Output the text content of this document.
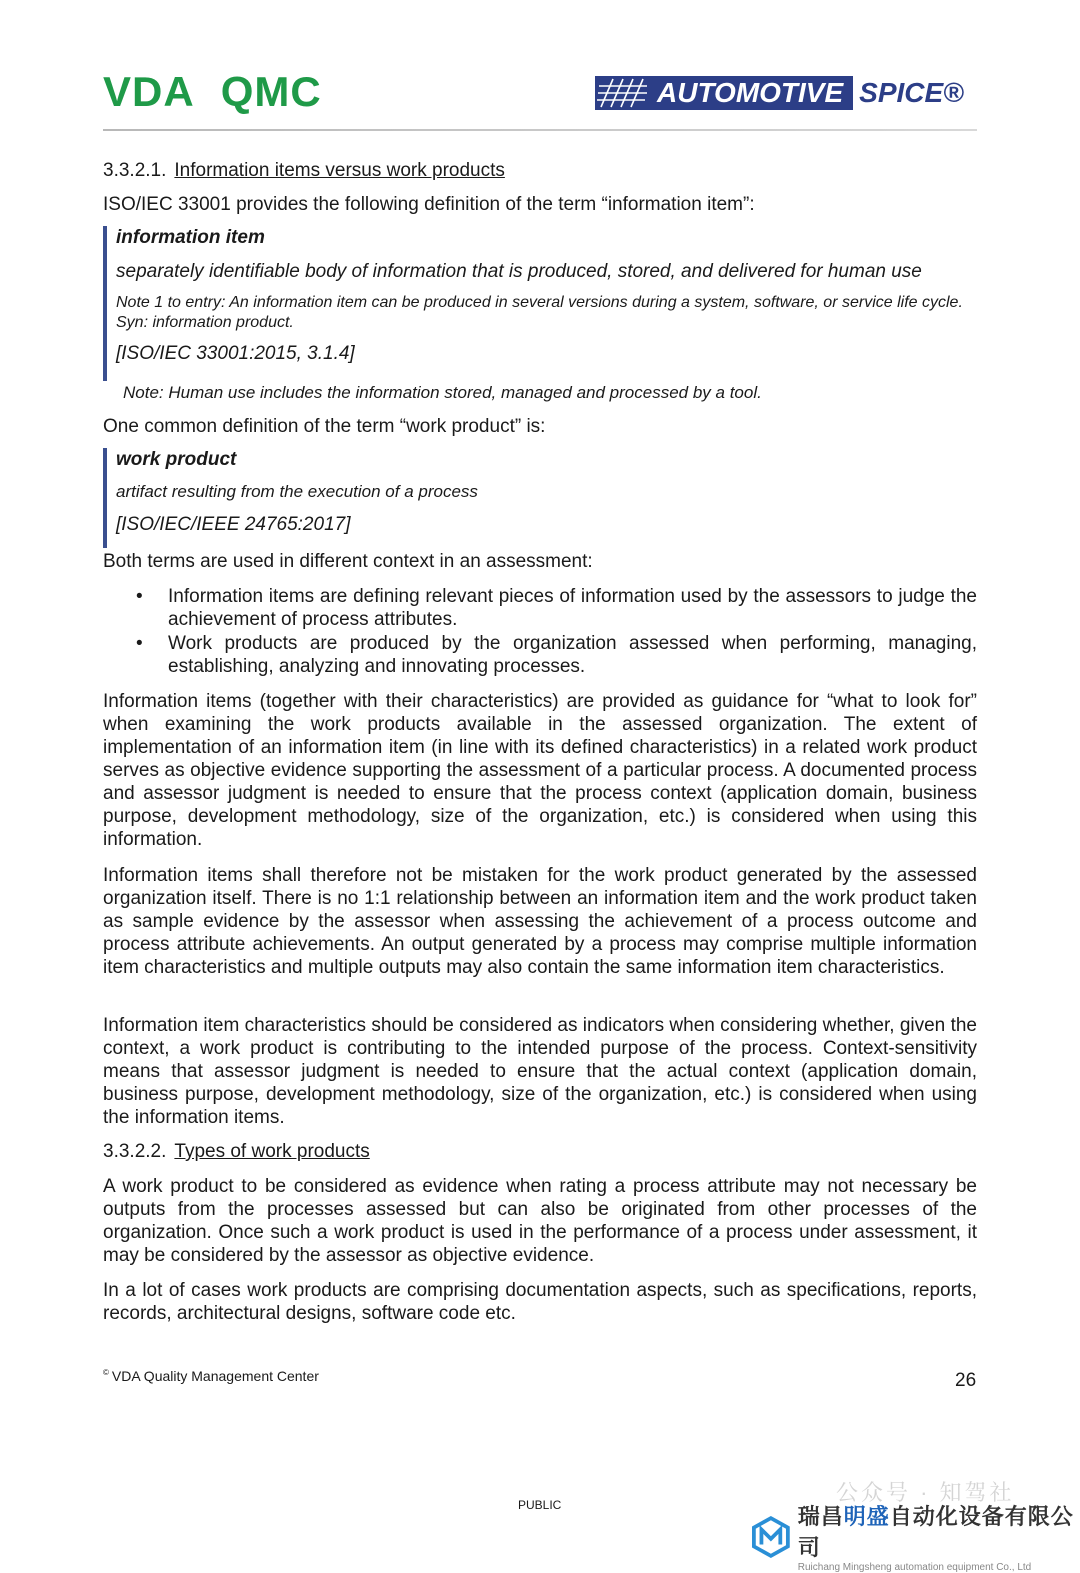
VDA QMC	AUTOMOTIVE SPICE®
3.3.2.1. Information items versus work products
ISO/IEC 33001 provides the following definition of the term “information item”:
information item
separately identifiable body of information that is produced, stored, and delivered for human use
Note 1 to entry: An information item can be produced in several versions during a system, software, or service life cycle. Syn: information product.
[ISO/IEC 33001:2015, 3.1.4]
Note: Human use includes the information stored, managed and processed by a tool.
One common definition of the term “work product” is:
work product
artifact resulting from the execution of a process
[ISO/IEC/IEEE 24765:2017]
Both terms are used in different context in an assessment:
• Information items are defining relevant pieces of information used by the assessors to judge the achievement of process attributes.
• Work products are produced by the organization assessed when performing, managing, establishing, analyzing and innovating processes.
Information items (together with their characteristics) are provided as guidance for “what to look for” when examining the work products available in the assessed organization. The extent of implementation of an information item (in line with its defined characteristics) in a related work product serves as objective evidence supporting the assessment of a particular process. A documented process and assessor judgment is needed to ensure that the process context (application domain, business purpose, development methodology, size of the organization, etc.) is considered when using this information.
Information items shall therefore not be mistaken for the work product generated by the assessed organization itself. There is no 1:1 relationship between an information item and the work product taken as sample evidence by the assessor when assessing the achievement of a process outcome and process attribute achievements. An output generated by a process may comprise multiple information item characteristics and multiple outputs may also contain the same information item characteristics.
Information item characteristics should be considered as indicators when considering whether, given the context, a work product is contributing to the intended purpose of the process. Context-sensitivity means that assessor judgment is needed to ensure that the actual context (application domain, business purpose, development methodology, size of the organization, etc.) is considered when using the information items.
3.3.2.2. Types of work products
A work product to be considered as evidence when rating a process attribute may not necessary be outputs from the processes assessed but can also be originated from other processes of the organization. Once such a work product is used in the performance of a process under assessment, it may be considered by the assessor as objective evidence.
In a lot of cases work products are comprising documentation aspects, such as specifications, reports, records, architectural designs, software code etc.
© VDA Quality Management Center	26
PUBLIC	公众号 · 知驾社
瑞昌明盛自动化设备有限公司
Ruichang Mingsheng automation equipment Co., Ltd
